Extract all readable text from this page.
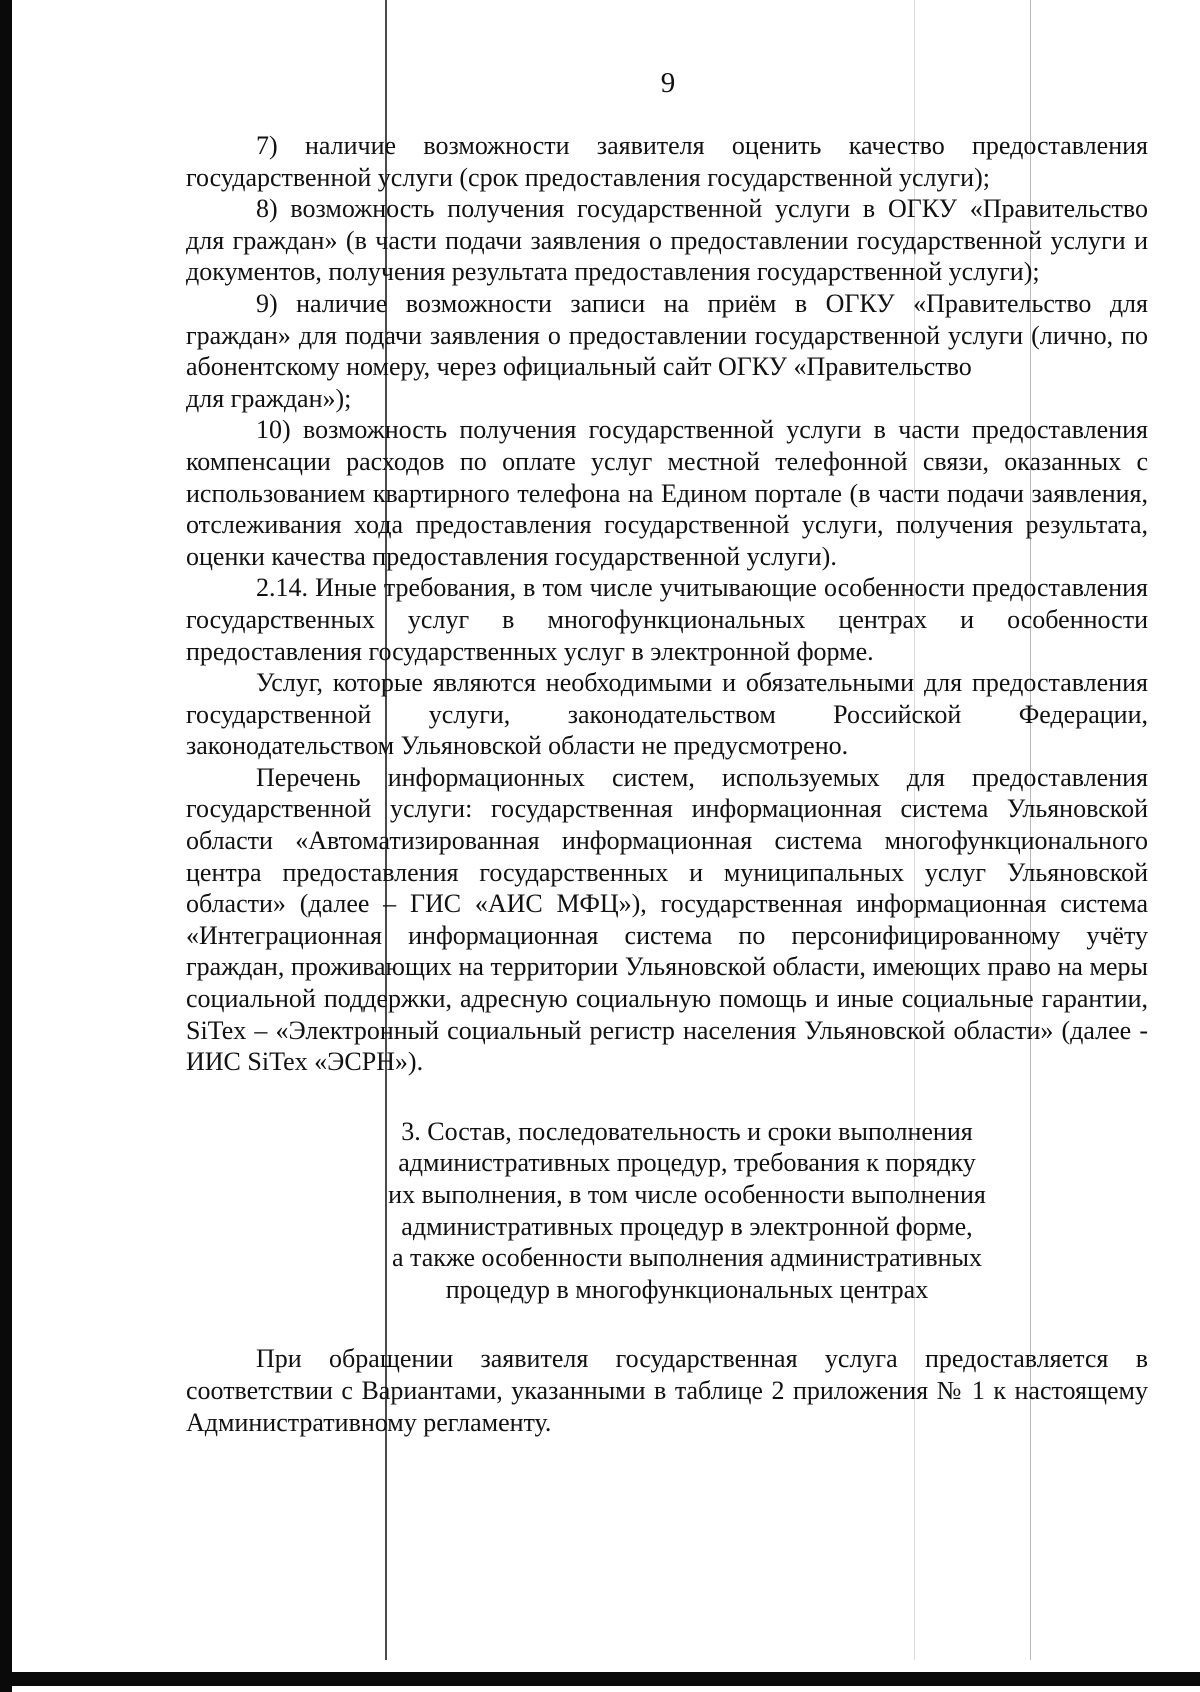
9

7) наличие возможности заявителя оценить качество предоставления государственной услуги (срок предоставления государственной услуги);

8) возможность получения государственной услуги в ОГКУ «Правительство для граждан» (в части подачи заявления о предоставлении государственной услуги и документов, получения результата предоставления государственной услуги);

9) наличие возможности записи на приём в ОГКУ «Правительство для граждан» для подачи заявления о предоставлении государственной услуги (лично, по абонентскому номеру, через официальный сайт ОГКУ «Правительство

для граждан»);

10) возможность получения государственной услуги в части предоставления компенсации расходов по оплате услуг местной телефонной связи, оказанных с использованием квартирного телефона на Едином портале (в части подачи заявления, отслеживания хода предоставления государственной услуги, получения результата, оценки качества предоставления государственной услуги).

2.14. Иные требования, в том числе учитывающие особенности предоставления государственных услуг в многофункциональных центрах и особенности предоставления государственных услуг в электронной форме.

Услуг, которые являются необходимыми и обязательными для предоставления государственной услуги, законодательством Российской Федерации, законодательством Ульяновской области не предусмотрено.

Перечень информационных систем, используемых для предоставления государственной услуги: государственная информационная система Ульяновской области «Автоматизированная информационная система многофункционального центра предоставления государственных и муниципальных услуг Ульяновской области» (далее – ГИС «АИС МФЦ»), государственная информационная система «Интеграционная информационная система по персонифицированному учёту граждан, проживающих на территории Ульяновской области, имеющих право на меры социальной поддержки, адресную социальную помощь и иные социальные гарантии, SiTex – «Электронный социальный регистр населения Ульяновской области» (далее - ИИС SiTex «ЭСРН»).

3. Состав, последовательность и сроки выполнения
административных процедур, требования к порядку
их выполнения, в том числе особенности выполнения
административных процедур в электронной форме,
а также особенности выполнения административных
процедур в многофункциональных центрах

При обращении заявителя государственная услуга предоставляется в соответствии с Вариантами, указанными в таблице 2 приложения № 1 к настоящему Административному регламенту.
